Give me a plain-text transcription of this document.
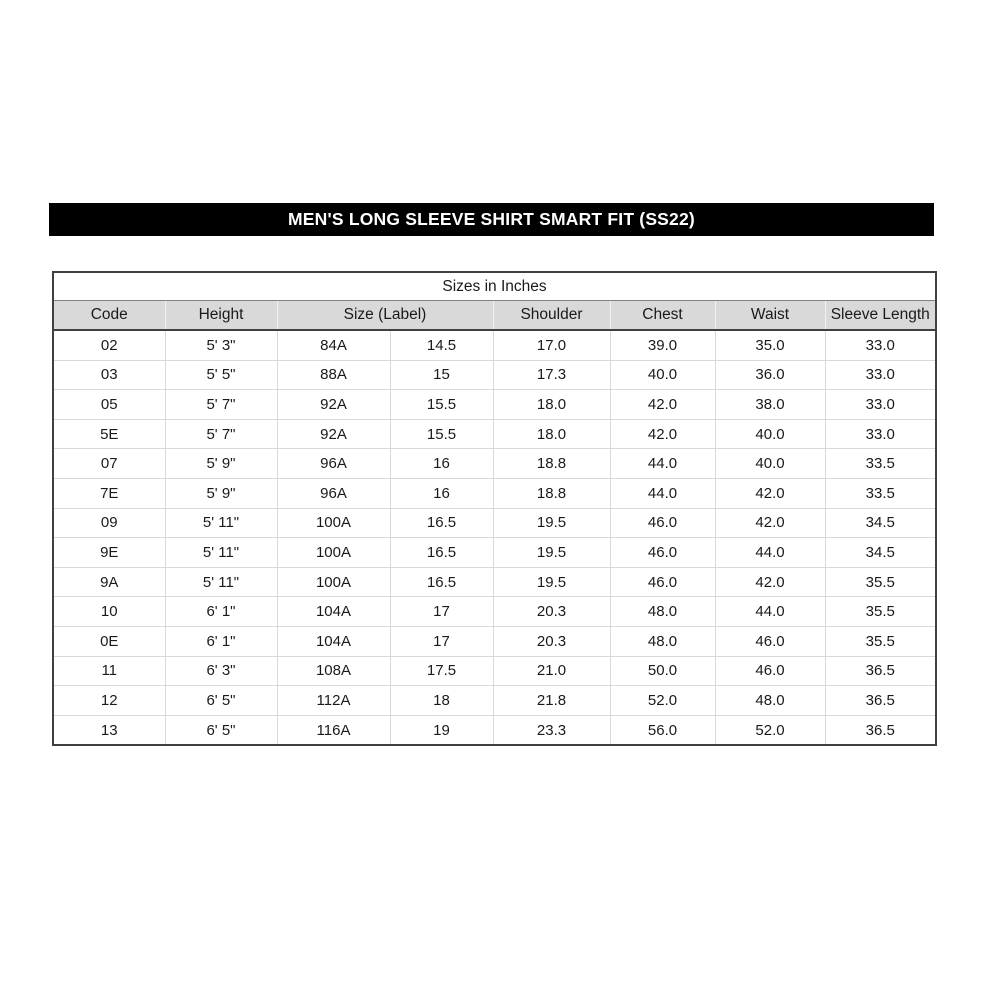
MEN'S LONG SLEEVE SHIRT SMART FIT (SS22)
Sizes in Inches							
Code	Height	Size (Label)		Shoulder	Chest	Waist	Sleeve Length
02	5' 3"	84A	14.5	17.0	39.0	35.0	33.0
03	5' 5"	88A	15	17.3	40.0	36.0	33.0
05	5' 7"	92A	15.5	18.0	42.0	38.0	33.0
5E	5' 7"	92A	15.5	18.0	42.0	40.0	33.0
07	5' 9"	96A	16	18.8	44.0	40.0	33.5
7E	5' 9"	96A	16	18.8	44.0	42.0	33.5
09	5' 11"	100A	16.5	19.5	46.0	42.0	34.5
9E	5' 11"	100A	16.5	19.5	46.0	44.0	34.5
9A	5' 11"	100A	16.5	19.5	46.0	42.0	35.5
10	6' 1"	104A	17	20.3	48.0	44.0	35.5
0E	6' 1"	104A	17	20.3	48.0	46.0	35.5
11	6' 3"	108A	17.5	21.0	50.0	46.0	36.5
12	6' 5"	112A	18	21.8	52.0	48.0	36.5
13	6' 5"	116A	19	23.3	56.0	52.0	36.5
